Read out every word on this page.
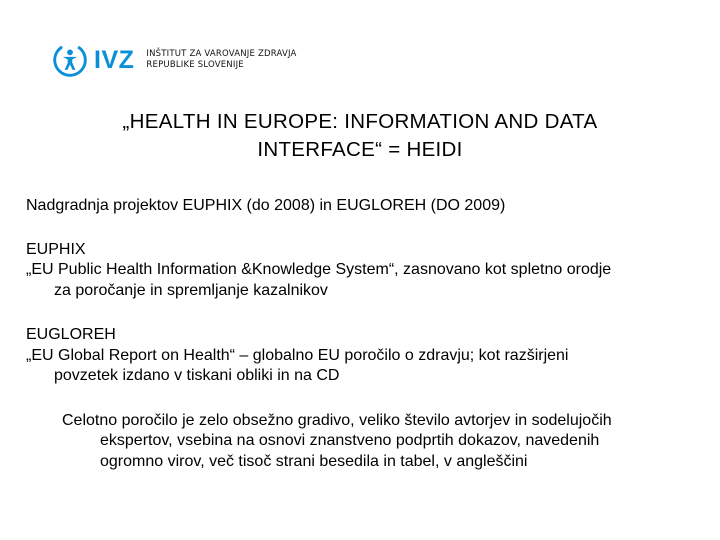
IVZ INŠTITUT ZA VAROVANJE ZDRAVJA
REPUBLIKE SLOVENIJE
„HEALTH IN EUROPE: INFORMATION AND DATA
INTERFACE“ = HEIDI

Nadgradnja projektov EUPHIX (do 2008) in EUGLOREH (DO 2009)

EUPHIX
„EU Public Health Information &Knowledge System“, zasnovano kot spletno orodje
za poročanje in spremljanje kazalnikov
EUGLOREH
„EU Global Report on Health“ – globalno EU poročilo o zdravju; kot razširjeni
povzetek izdano v tiskani obliki in na CD
Celotno poročilo je zelo obsežno gradivo, veliko število avtorjev in sodelujočih
ekspertov, vsebina na osnovi znanstveno podprtih dokazov, navedenih
ogromno virov, več tisoč strani besedila in tabel, v angleščini
